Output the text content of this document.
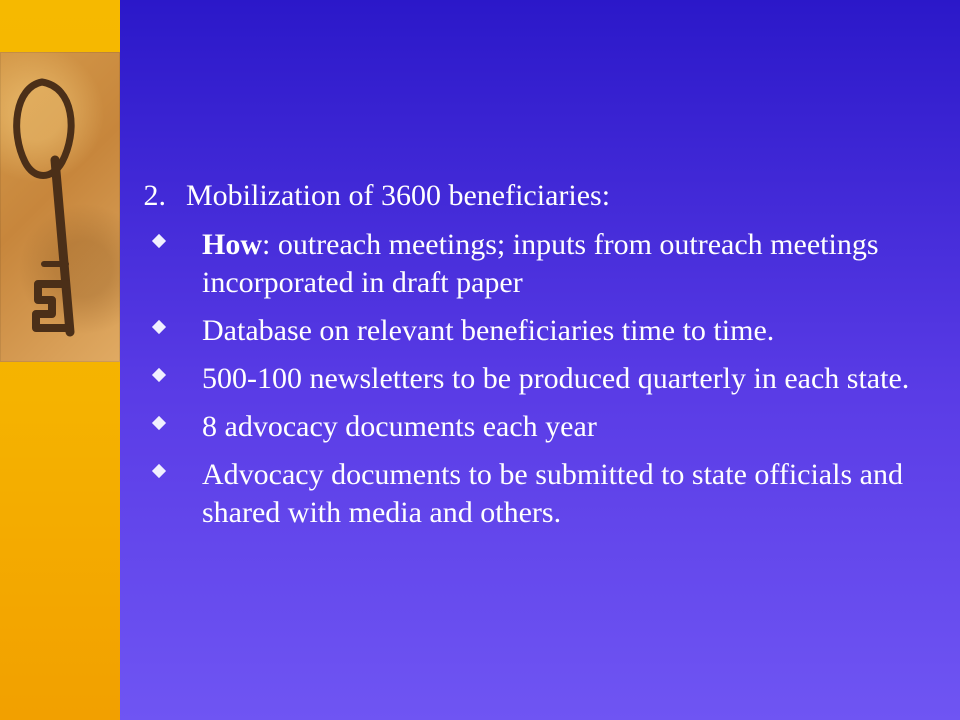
2. Mobilization of 3600 beneficiaries:
How: outreach meetings; inputs from outreach meetings incorporated in draft paper
Database on relevant beneficiaries time to time.
500-100 newsletters to be produced quarterly in each state.
8 advocacy documents each year
Advocacy documents to be submitted to state officials and shared with media and others.
